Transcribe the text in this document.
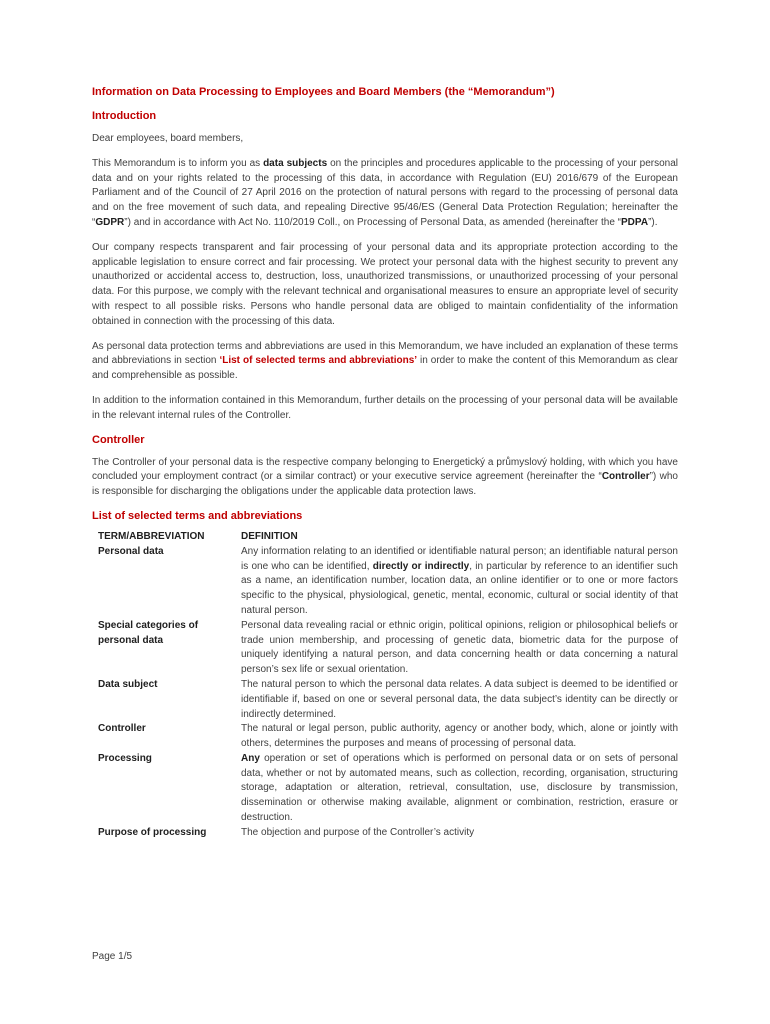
Information on Data Processing to Employees and Board Members (the “Memorandum”)
Introduction

Dear employees, board members,

This Memorandum is to inform you as data subjects on the principles and procedures applicable to the processing of your personal data and on your rights related to the processing of this data, in accordance with Regulation (EU) 2016/679 of the European Parliament and of the Council of 27 April 2016 on the protection of natural persons with regard to the processing of personal data and on the free movement of such data, and repealing Directive 95/46/ES (General Data Protection Regulation; hereinafter the “GDPR”) and in accordance with Act No. 110/2019 Coll., on Processing of Personal Data, as amended (hereinafter the “PDPA”).

Our company respects transparent and fair processing of your personal data and its appropriate protection according to the applicable legislation to ensure correct and fair processing. We protect your personal data with the highest security to prevent any unauthorized or accidental access to, destruction, loss, unauthorized transmissions, or unauthorized processing of your personal data. For this purpose, we comply with the relevant technical and organisational measures to ensure an appropriate level of security with respect to all possible risks. Persons who handle personal data are obliged to maintain confidentiality of the information obtained in connection with the processing of this data.

As personal data protection terms and abbreviations are used in this Memorandum, we have included an explanation of these terms and abbreviations in section ‘List of selected terms and abbreviations’ in order to make the content of this Memorandum as clear and comprehensible as possible.

In addition to the information contained in this Memorandum, further details on the processing of your personal data will be available in the relevant internal rules of the Controller.

Controller

The Controller of your personal data is the respective company belonging to Energetický a průmyslový holding, with which you have concluded your employment contract (or a similar contract) or your executive service agreement (hereinafter the “Controller”) who is responsible for discharging the obligations under the applicable data protection laws.

List of selected terms and abbreviations
TERM/ABBREVIATION	DEFINITION
Personal data	Any information relating to an identified or identifiable natural person; an identifiable natural person is one who can be identified, directly or indirectly, in particular by reference to an identifier such as a name, an identification number, location data, an online identifier or to one or more factors specific to the physical, physiological, genetic, mental, economic, cultural or social identity of that natural person.
Special categories of personal data	Personal data revealing racial or ethnic origin, political opinions, religion or philosophical beliefs or trade union membership, and processing of genetic data, biometric data for the purpose of uniquely identifying a natural person, and data concerning health or data concerning a natural person’s sex life or sexual orientation.
Data subject	The natural person to which the personal data relates. A data subject is deemed to be identified or identifiable if, based on one or several personal data, the data subject’s identity can be directly or indirectly determined.
Controller	The natural or legal person, public authority, agency or another body, which, alone or jointly with others, determines the purposes and means of processing of personal data.
Processing	Any operation or set of operations which is performed on personal data or on sets of personal data, whether or not by automated means, such as collection, recording, organisation, structuring storage, adaptation or alteration, retrieval, consultation, use, disclosure by transmission, dissemination or otherwise making available, alignment or combination, restriction, erasure or destruction.
Purpose of processing	The objection and purpose of the Controller’s activity
Page 1/5
